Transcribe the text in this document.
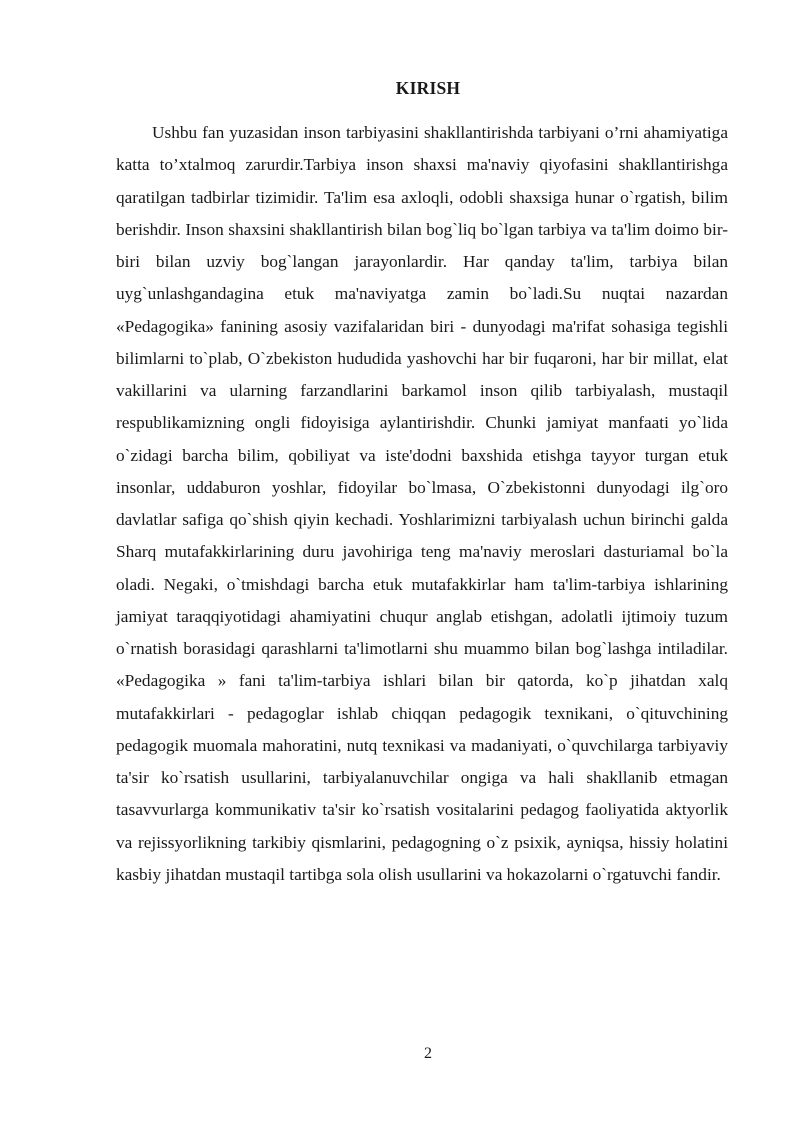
KIRISH

Ushbu fan yuzasidan inson tarbiyasini shakllantirishda tarbiyani o’rni ahamiyatiga katta to’xtalmoq zarurdir.Tarbiya inson shaxsi ma'naviy qiyofasini shakllantirishga qaratilgan tadbirlar tizimidir. Ta'lim esa axloqli, odobli shaxsiga hunar o`rgatish, bilim berishdir. Inson shaxsini shakllantirish bilan bog`liq bo`lgan tarbiya va ta'lim doimo bir-biri bilan uzviy bog`langan jarayonlardir. Har qanday ta'lim, tarbiya bilan uyg`unlashgandagina etuk ma'naviyatga zamin bo`ladi.Su nuqtai nazardan «Pedagogika» fanining asosiy vazifalaridan biri - dunyodagi ma'rifat sohasiga tegishli bilimlarni to`plab, O`zbekiston hududida yashovchi har bir fuqaroni, har bir millat, elat vakillarini va ularning farzandlarini barkamol inson qilib tarbiyalash, mustaqil respublikamizning ongli fidoyisiga aylantirishdir. Chunki jamiyat manfaati yo`lida o`zidagi barcha bilim, qobiliyat va iste'dodni baxshida etishga tayyor turgan etuk insonlar, uddaburon yoshlar, fidoyilar bo`lmasa, O`zbekistonni dunyodagi ilg`oro davlatlar safiga qo`shish qiyin kechadi. Yoshlarimizni tarbiyalash uchun birinchi galda Sharq mutafakkirlarining duru javohiriga teng ma'naviy meroslari dasturiamal bo`la oladi. Negaki, o`tmishdagi barcha etuk mutafakkirlar ham ta'lim-tarbiya ishlarining jamiyat taraqqiyotidagi ahamiyatini chuqur anglab etishgan, adolatli ijtimoiy tuzum o`rnatish borasidagi qarashlarni ta'limotlarni shu muammo bilan bog`lashga intiladilar. «Pedagogika » fani ta'lim-tarbiya ishlari bilan bir qatorda, ko`p jihatdan xalq mutafakkirlari - pedagoglar ishlab chiqqan pedagogik texnikani, o`qituvchining pedagogik muomala mahoratini, nutq texnikasi va madaniyati, o`quvchilarga tarbiyaviy ta'sir ko`rsatish usullarini, tarbiyalanuvchilar ongiga va hali shakllanib etmagan tasavvurlarga kommunikativ ta'sir ko`rsatish vositalarini pedagog faoliyatida aktyorlik va rejissyorlikning tarkibiy qismlarini, pedagogning o`z psixik, ayniqsa, hissiy holatini kasbiy jihatdan mustaqil tartibga sola olish usullarini va hokazolarni o`rgatuvchi fandir.

2
